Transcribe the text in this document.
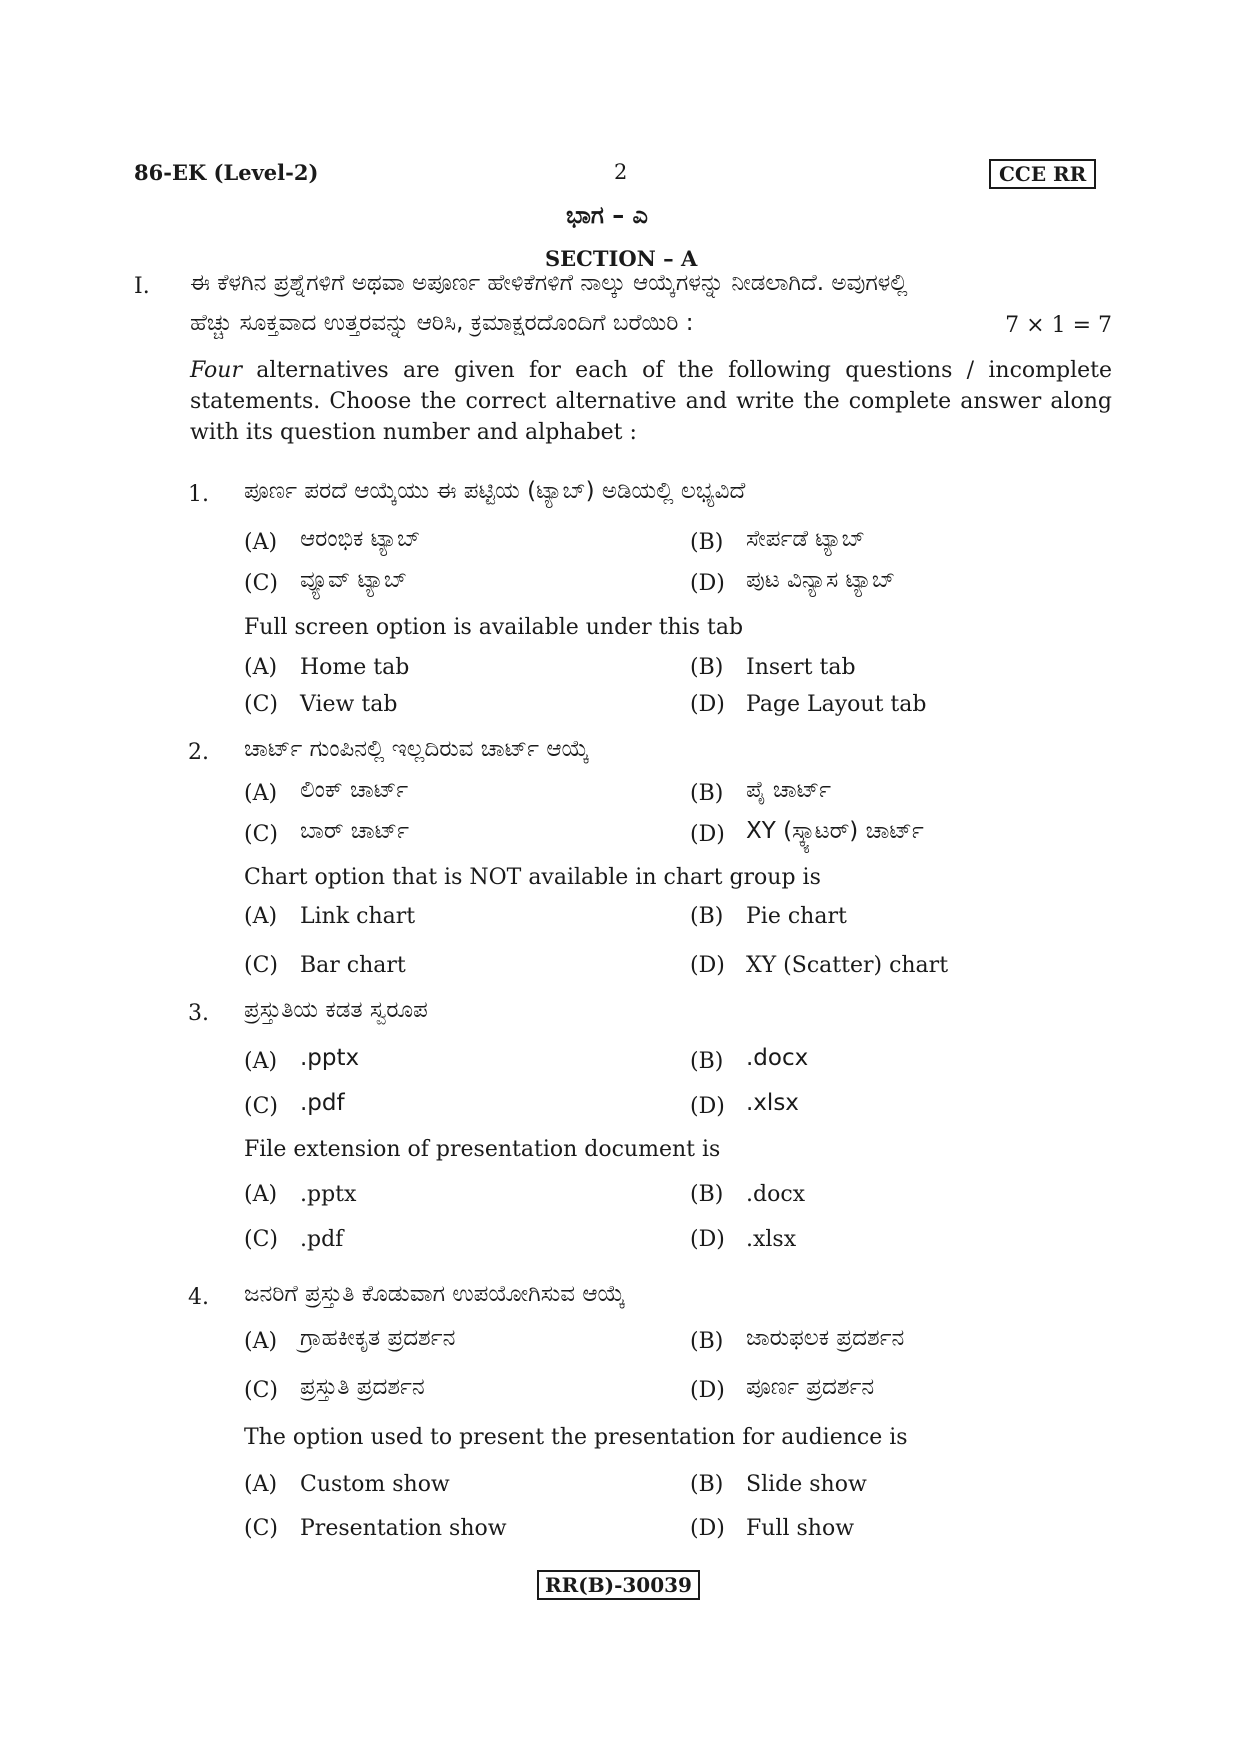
86-EK (Level-2)	2	CCE RR
ಭಾಗ – ಎ
SECTION – A
I. ಈ ಕೆಳಗಿನ ಪ್ರಶ್ನೆಗಳಿಗೆ ಅಥವಾ ಅಪೂರ್ಣ ಹೇಳಿಕೆಗಳಿಗೆ ನಾಲ್ಕು ಆಯ್ಕೆಗಳನ್ನು ನೀಡಲಾಗಿದೆ. ಅವುಗಳಲ್ಲಿ
ಹೆಚ್ಚು ಸೂಕ್ತವಾದ ಉತ್ತರವನ್ನು ಆರಿಸಿ, ಕ್ರಮಾಕ್ಷರದೊಂದಿಗೆ ಬರೆಯಿರಿ :	7 × 1 = 7
Four alternatives are given for each of the following questions / incomplete statements. Choose the correct alternative and write the complete answer along with its question number and alphabet :
1. ಪೂರ್ಣ ಪರದೆ ಆಯ್ಕೆಯು ಈ ಪಟ್ಟಿಯ (ಟ್ಯಾಬ್) ಅಡಿಯಲ್ಲಿ ಲಭ್ಯವಿದೆ
(A) ಆರಂಭಿಕ ಟ್ಯಾಬ್	(B) ಸೇರ್ಪಡೆ ಟ್ಯಾಬ್
(C) ವ್ಯೂವ್ ಟ್ಯಾಬ್	(D) ಪುಟ ವಿನ್ಯಾಸ ಟ್ಯಾಬ್
(A) Home tab	(B) Insert tab
(C) View tab	(D) Page Layout tab
Full screen option is available under this tab
2. ಚಾರ್ಟ್ ಗುಂಪಿನಲ್ಲಿ ಇಲ್ಲದಿರುವ ಚಾರ್ಟ್ ಆಯ್ಕೆ
(A) ಲಿಂಕ್ ಚಾರ್ಟ್	(B) ಪೈ ಚಾರ್ಟ್
(C) ಬಾರ್ ಚಾರ್ಟ್	(D) XY (ಸ್ಕ್ಯಾಟರ್) ಚಾರ್ಟ್
(A) Link chart	(B) Pie chart
(C) Bar chart	(D) XY (Scatter) chart
Chart option that is NOT available in chart group is
3. ಪ್ರಸ್ತುತಿಯ ಕಡತ ಸ್ವರೂಪ
(A) .pptx	(B) .docx
(C) .pdf	(D) .xlsx
(A) .pptx	(B) .docx
(C) .pdf	(D) .xlsx
File extension of presentation document is
4. ಜನರಿಗೆ ಪ್ರಸ್ತುತಿ ಕೊಡುವಾಗ ಉಪಯೋಗಿಸುವ ಆಯ್ಕೆ
(A) ಗ್ರಾಹಕೀಕೃತ ಪ್ರದರ್ಶನ	(B) ಜಾರುಫಲಕ ಪ್ರದರ್ಶನ
(C) ಪ್ರಸ್ತುತಿ ಪ್ರದರ್ಶನ	(D) ಪೂರ್ಣ ಪ್ರದರ್ಶನ
(A) Custom show	(B) Slide show
(C) Presentation show	(D) Full show
The option used to present the presentation for audience is
RR(B)-30039
